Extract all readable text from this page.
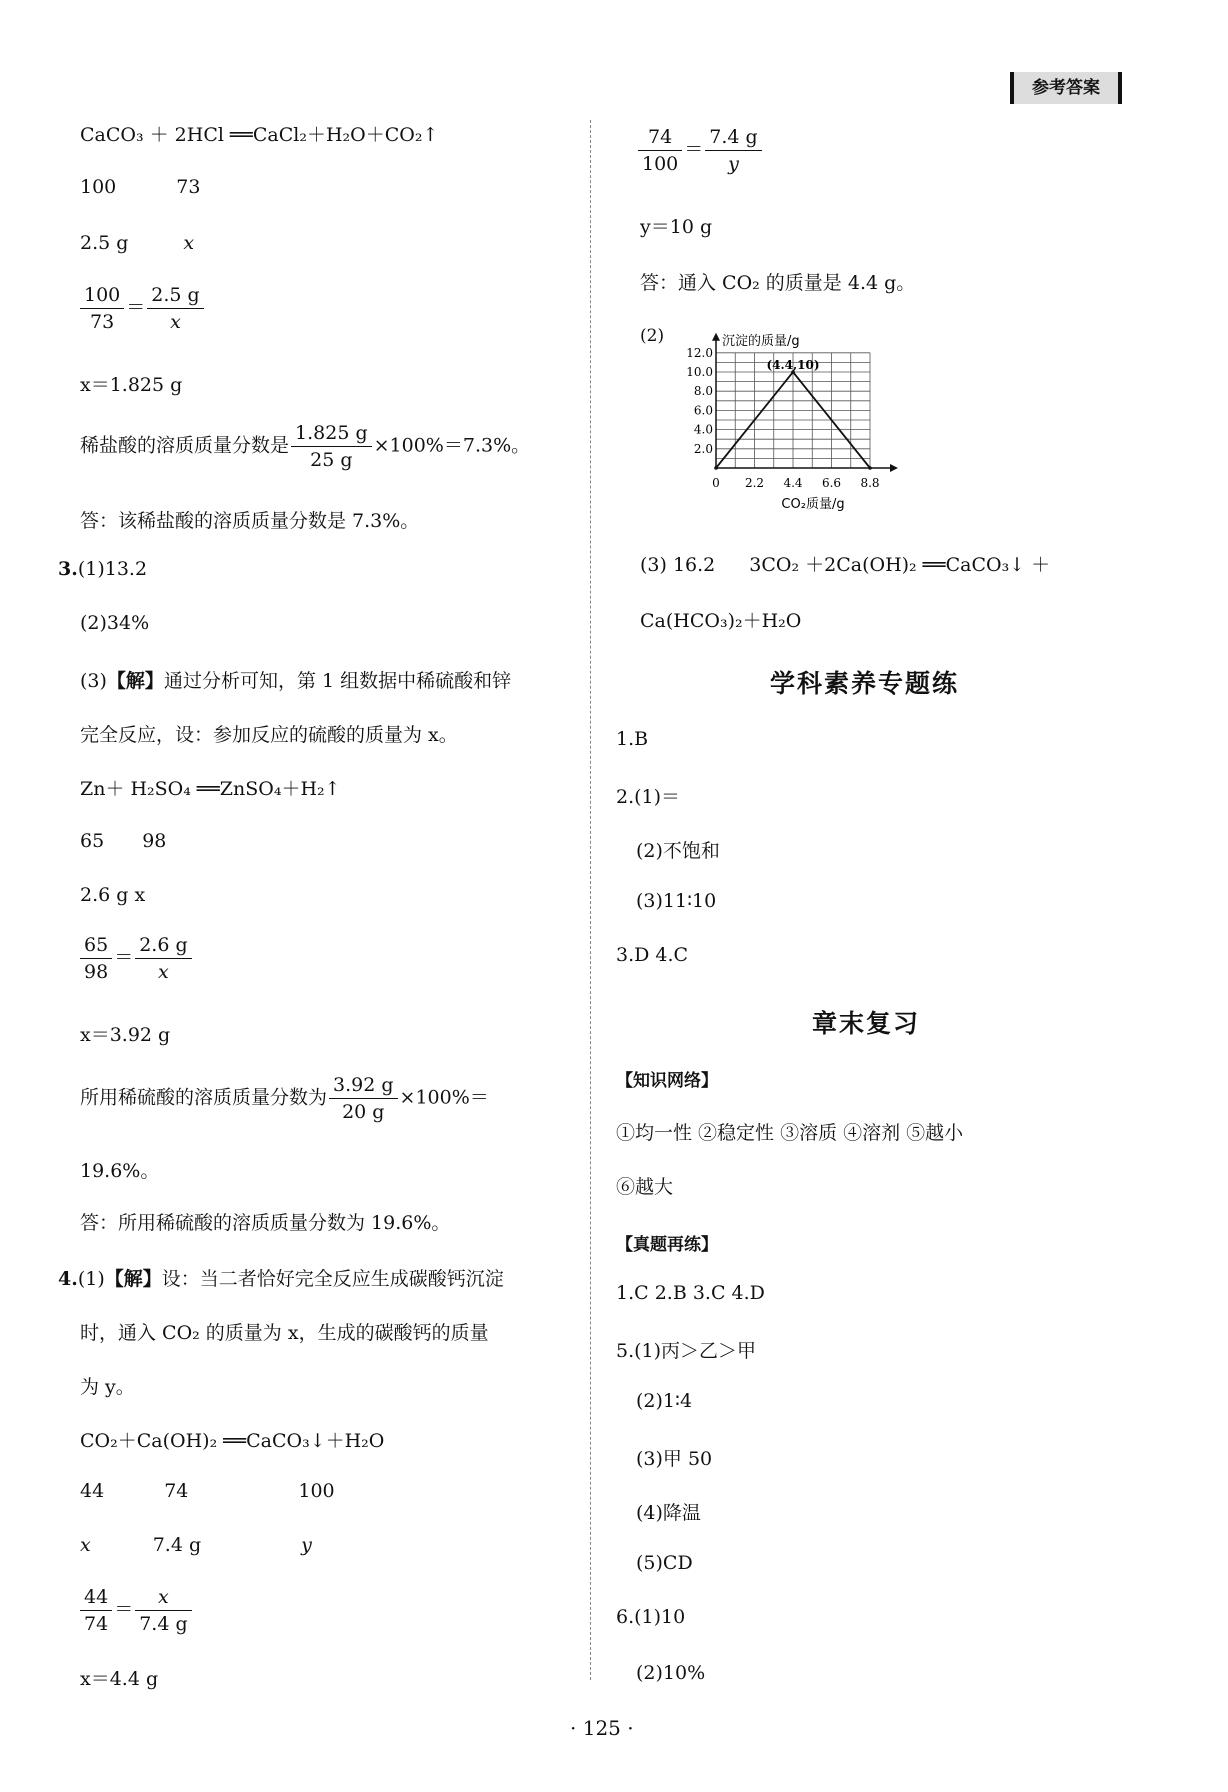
参考答案
CaCO₃ ＋ 2HCl ══CaCl₂＋H₂O＋CO₂↑
100	73
2.5 g	x
$\frac{100}{73} = \frac{2.5 g}{x}$
x＝1.825 g
稀盐酸的溶质质量分数是 $\frac{1.825 g}{25 g} \times 100\%=7.3\%$。
答：该稀盐酸的溶质质量分数是 7.3%。
3.(1)13.2
(2)34%
(3)【解】通过分析可知，第 1 组数据中稀硫酸和锌
完全反应，设：参加反应的硫酸的质量为 x。
Zn＋ H₂SO₄ ══ZnSO₄＋H₂↑
65 98
2.6 g x
$\frac{65}{98} = \frac{2.6 g}{x}$
x＝3.92 g
所用稀硫酸的溶质质量分数为 $\frac{3.92 g}{20 g} \times 100\%=$
19.6%。
答：所用稀硫酸的溶质质量分数为 19.6%。
4.(1)【解】设：当二者恰好完全反应生成碳酸钙沉淀
时，通入 CO₂ 的质量为 x，生成的碳酸钙的质量
为 y。
CO₂＋Ca(OH)₂ ══CaCO₃↓＋H₂O
44	74	100
x	7.4 g	y
$\frac{44}{74} = \frac{x}{7.4 g}$
x＝4.4 g
$\frac{74}{100} = \frac{7.4 g}{y}$
y＝10 g
答：通入 CO₂ 的质量是 4.4 g。
(2)
0 2.2 4.4 6.6 8.8
2.0
4.0
6.0
8.0
10.0
12.0
(4.4,10)
沉淀的质量/g
CO₂质量/g
(3) 16.2 3CO₂ ＋2Ca(OH)₂ ══CaCO₃↓ ＋
Ca(HCO₃)₂＋H₂O
学科素养专题练
1.B
2.(1)＝
(2)不饱和
(3)11∶10
3.D 4.C
章末复习
【知识网络】
①均一性 ②稳定性 ③溶质 ④溶剂 ⑤越小
⑥越大
【真题再练】
1.C 2.B 3.C 4.D
5.(1)丙＞乙＞甲
(2)1∶4
(3)甲 50
(4)降温
(5)CD
6.(1)10
(2)10%
· 125 ·
